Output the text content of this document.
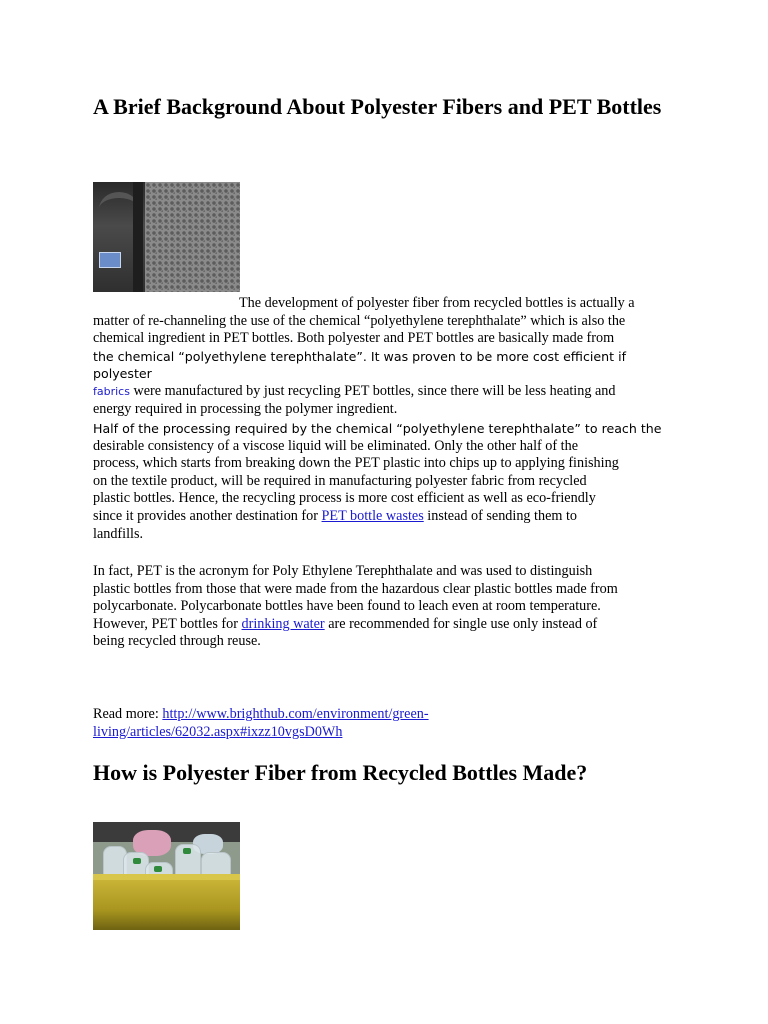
A Brief Background About Polyester Fibers and PET Bottles
The development of polyester fiber from recycled bottles is actually a
matter of re-channeling the use of the chemical “polyethylene terephthalate” which is also the
chemical ingredient in PET bottles. Both polyester and PET bottles are basically made from
the chemical “polyethylene terephthalate”. It was proven to be more cost efficient if polyester
fabrics were manufactured by just recycling PET bottles, since there will be less heating and
energy required in processing the polymer ingredient.
Half of the processing required by the chemical “polyethylene terephthalate” to reach the
desirable consistency of a viscose liquid will be eliminated. Only the other half of the
process, which starts from breaking down the PET plastic into chips up to applying finishing
on the textile product, will be required in manufacturing polyester fabric from recycled
plastic bottles. Hence, the recycling process is more cost efficient as well as eco-friendly
since it provides another destination for PET bottle wastes instead of sending them to
landfills.
In fact, PET is the acronym for Poly Ethylene Terephthalate and was used to distinguish
plastic bottles from those that were made from the hazardous clear plastic bottles made from
polycarbonate. Polycarbonate bottles have been found to leach even at room temperature.
However, PET bottles for drinking water are recommended for single use only instead of
being recycled through reuse.
Read more: http://www.brighthub.com/environment/green-
living/articles/62032.aspx#ixzz10vgsD0Wh
How is Polyester Fiber from Recycled Bottles Made?
